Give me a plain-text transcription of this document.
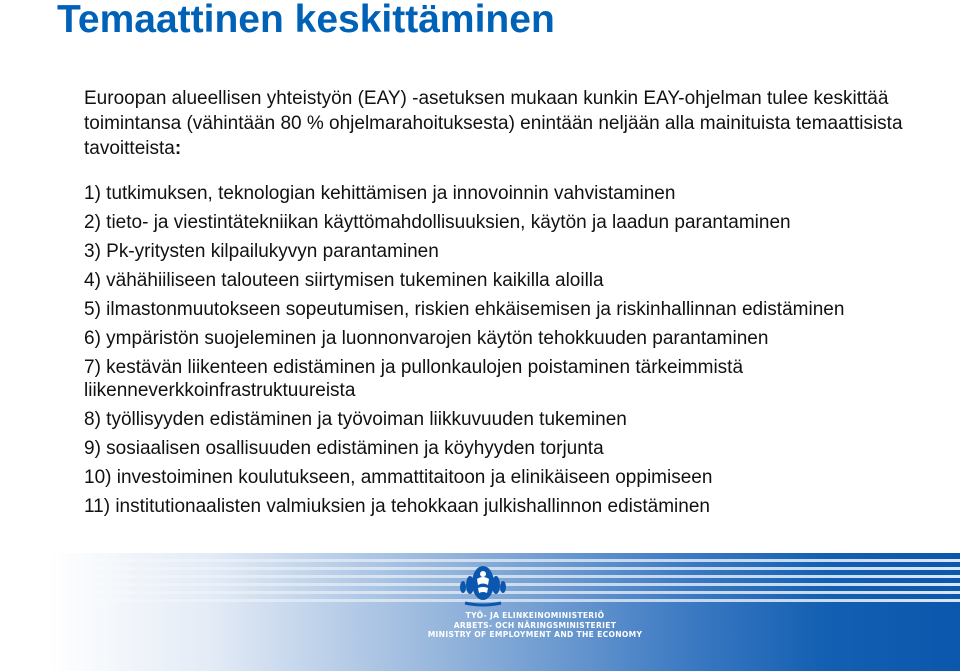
Temaattinen keskittäminen
Euroopan alueellisen yhteistyön (EAY) -asetuksen mukaan kunkin EAY-ohjelman tulee keskittää toimintansa (vähintään 80 % ohjelmarahoituksesta) enintään neljään alla mainituista temaattisista tavoitteista:
1) tutkimuksen, teknologian kehittämisen ja innovoinnin vahvistaminen
2) tieto- ja viestintätekniikan käyttömahdollisuuksien, käytön ja laadun parantaminen
3) Pk-yritysten kilpailukyvyn parantaminen
4) vähähiiliseen talouteen siirtymisen tukeminen kaikilla aloilla
5) ilmastonmuutokseen sopeutumisen, riskien ehkäisemisen ja riskinhallinnan edistäminen
6) ympäristön suojeleminen ja luonnonvarojen käytön tehokkuuden parantaminen
7) kestävän liikenteen edistäminen ja pullonkaulojen poistaminen tärkeimmistä liikenneverkkoinfrastruktuureista
8) työllisyyden edistäminen ja työvoiman liikkuvuuden tukeminen
9) sosiaalisen osallisuuden edistäminen ja köyhyyden torjunta
10) investoiminen koulutukseen, ammattitaitoon ja elinikäiseen oppimiseen
11) institutionaalisten valmiuksien ja tehokkaan julkishallinnon edistäminen
TYÖ- JA ELINKEINOMINISTERIÖ
ARBETS- OCH NÄRINGSMINISTERIET
MINISTRY OF EMPLOYMENT AND THE ECONOMY
